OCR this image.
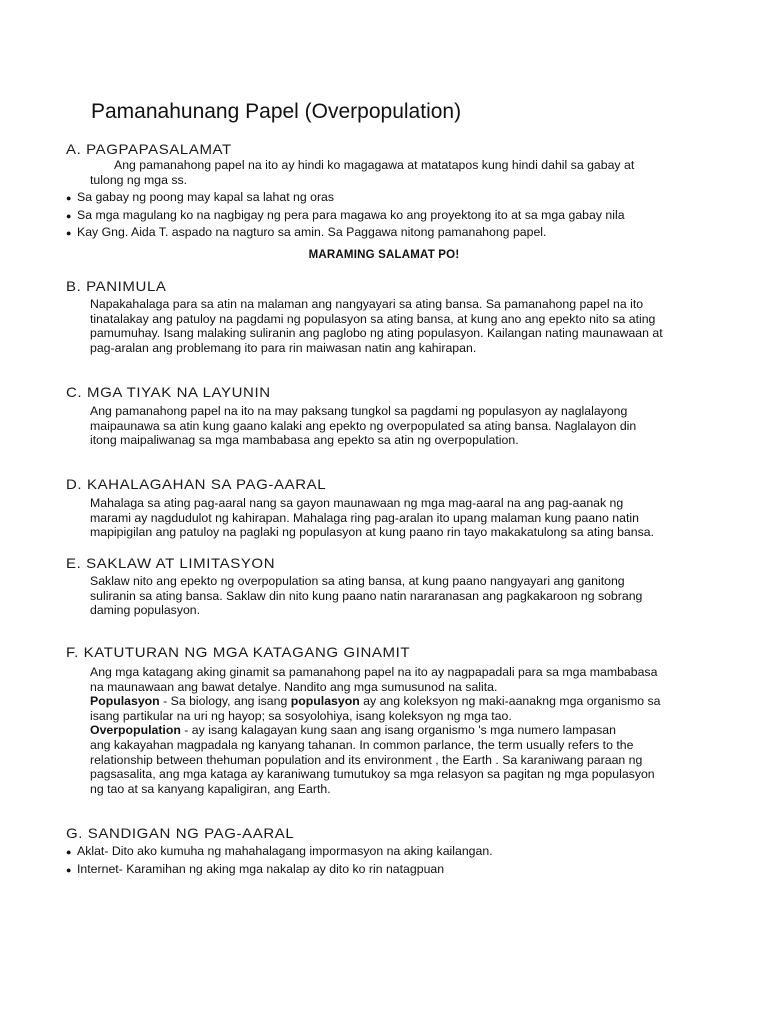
Pamanahunang Papel (Overpopulation)
A. PAGPAPASALAMAT

Ang pamanahong papel na ito ay hindi ko magagawa at matatapos kung hindi dahil sa gabay at
tulong ng mga ss.

● Sa gabay ng poong may kapal sa lahat ng oras
● Sa mga magulang ko na nagbigay ng pera para magawa ko ang proyektong ito at sa mga gabay nila
● Kay Gng. Aida T. aspado na nagturo sa amin. Sa Paggawa nitong pamanahong papel.

MARAMING SALAMAT PO!

B. PANIMULA

Napakahalaga para sa atin na malaman ang nangyayari sa ating bansa. Sa pamanahong papel na ito
tinatalakay ang patuloy na pagdami ng populasyon sa ating bansa, at kung ano ang epekto nito sa ating
pamumuhay. Isang malaking suliranin ang paglobo ng ating populasyon. Kailangan nating maunawaan at
pag-aralan ang problemang ito para rin maiwasan natin ang kahirapan.

C. MGA TIYAK NA LAYUNIN

Ang pamanahong papel na ito na may paksang tungkol sa pagdami ng populasyon ay naglalayong
maipaunawa sa atin kung gaano kalaki ang epekto ng overpopulated sa ating bansa. Naglalayon din
itong maipaliwanag sa mga mambabasa ang epekto sa atin ng overpopulation.

D. KAHALAGAHAN SA PAG-AARAL

Mahalaga sa ating pag-aaral nang sa gayon maunawaan ng mga mag-aaral na ang pag-aanak ng
marami ay nagdudulot ng kahirapan. Mahalaga ring pag-aralan ito upang malaman kung paano natin
mapipigilan ang patuloy na paglaki ng populasyon at kung paano rin tayo makakatulong sa ating bansa.

E. SAKLAW AT LIMITASYON

Saklaw nito ang epekto ng overpopulation sa ating bansa, at kung paano nangyayari ang ganitong
suliranin sa ating bansa. Saklaw din nito kung paano natin nararanasan ang pagkakaroon ng sobrang
daming populasyon.

F. KATUTURAN NG MGA KATAGANG GINAMIT

Ang mga katagang aking ginamit sa pamanahong papel na ito ay nagpapadali para sa mga mambabasa
na maunawaan ang bawat detalye. Nandito ang mga sumusunod na salita.
Populasyon - Sa biology, ang isang populasyon ay ang koleksyon ng maki-aanakng mga organismo sa
isang partikular na uri ng hayop; sa sosyolohiya, isang koleksyon ng mga tao.
Overpopulation - ay isang kalagayan kung saan ang isang organismo 's mga numero lampasan
ang kakayahan magpadala ng kanyang tahanan. In common parlance, the term usually refers to the
relationship between thehuman population and its environment , the Earth . Sa karaniwang paraan ng
pagsasalita, ang mga kataga ay karaniwang tumutukoy sa mga relasyon sa pagitan ng mga populasyon
ng tao at sa kanyang kapaligiran, ang Earth.

G. SANDIGAN NG PAG-AARAL
● Aklat- Dito ako kumuha ng mahahalagang impormasyon na aking kailangan.
● Internet- Karamihan ng aking mga nakalap ay dito ko rin natagpuan
